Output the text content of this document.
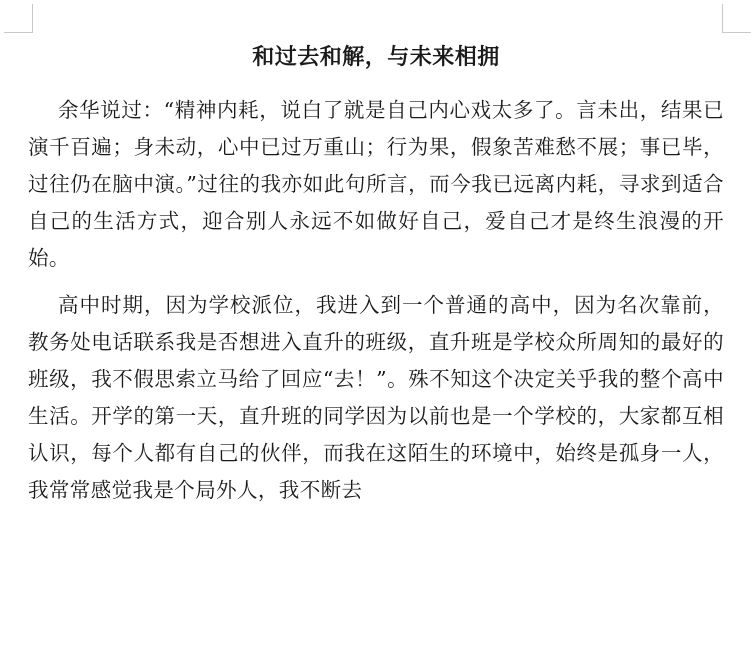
和过去和解，与未来相拥

余华说过：“精神内耗，说白了就是自己内心戏太多了。言未出，结果已演千百遍；身未动，心中已过万重山；行为果，假象苦难愁不展；事已毕，过往仍在脑中演。”过往的我亦如此句所言，而今我已远离内耗，寻求到适合自己的生活方式，迎合别人永远不如做好自己，爱自己才是终生浪漫的开始。

高中时期，因为学校派位，我进入到一个普通的高中，因为名次靠前，教务处电话联系我是否想进入直升的班级，直升班是学校众所周知的最好的班级，我不假思索立马给了回应“去！”。殊不知这个决定关乎我的整个高中生活。开学的第一天，直升班的同学因为以前也是一个学校的，大家都互相认识，每个人都有自己的伙伴，而我在这陌生的环境中，始终是孤身一人，我常常感觉我是个局外人，我不断去
